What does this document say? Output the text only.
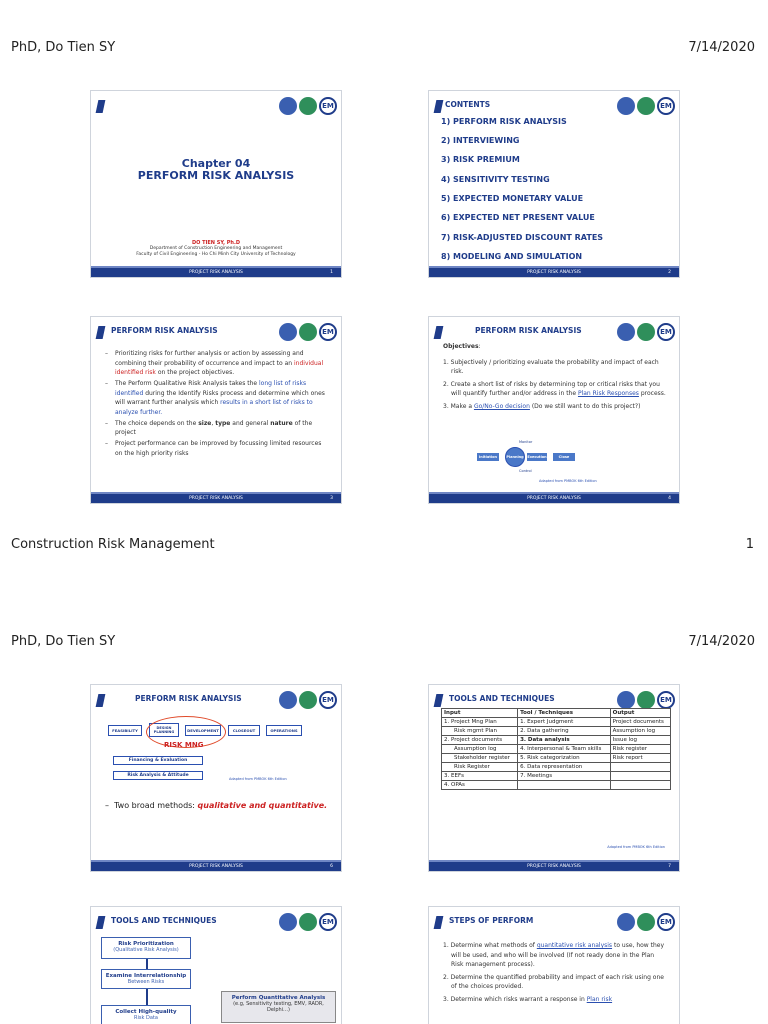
PhD, Do Tien SY	7/14/2020
EM
Chapter 04
PERFORM RISK ANALYSIS
DO TIEN SY, Ph.D
Department of Construction Engineering and Management
Faculty of Civil Engineering - Ho Chi Minh City University of Technology
PROJECT RISK ANALYSIS	1
CONTENTS	EM
1) PERFORM RISK ANALYSIS
2) INTERVIEWING
3) RISK PREMIUM
4) SENSITIVITY TESTING
5) EXPECTED MONETARY VALUE
6) EXPECTED NET PRESENT VALUE
7) RISK-ADJUSTED DISCOUNT RATES
8) MODELING AND SIMULATION
PROJECT RISK ANALYSIS	2
PERFORM RISK ANALYSIS	EM
– Prioritizing risks for further analysis or action by assessing and combining their probability of occurrence and impact to an individual identified risk on the project objectives.
– The Perform Qualitative Risk Analysis takes the long list of risks identified during the Identify Risks process and determine which ones will warrant further analysis which results in a short list of risks to analyze further.
– The choice depends on the size, type and general nature of the project
– Project performance can be improved by focussing limited resources on the high priority risks
PROJECT RISK ANALYSIS	3
PERFORM RISK ANALYSIS	EM
Objectives:
1. Subjectively / prioritizing evaluate the probability and impact of each risk.
2. Create a short list of risks by determining top or critical risks that you will quantify further and/or address in the Plan Risk Responses process.
3. Make a Go/No-Go decision (Do we still want to do this project?)
Initiation	Planning	Execution	Close
Monitor
Control
Adapted from PMBOK 6th Edition
PROJECT RISK ANALYSIS	4
Construction Risk Management	1
PhD, Do Tien SY	7/14/2020
PERFORM RISK ANALYSIS	EM
FEASIBILITY	DESIGN PLANNING	DEVELOPMENT	CLOSEOUT	OPERATIONS
RISK MNG
Financing & Evaluation
Risk Analysis & Attitude
Adapted from PMBOK 6th Edition
–  Two broad methods: qualitative and quantitative.
PROJECT RISK ANALYSIS	6
TOOLS AND TECHNIQUES	EM
Input	Tool / Techniques	Output
1. Project Mng Plan	1. Expert Judgment	Project documents
Risk mgmt Plan	2. Data gathering	Assumption log
2. Project documents	3. Data analysis	Issue log
Assumption log	4. Interpersonal & Team skills	Risk register
Stakeholder register	5. Risk categorization	Risk report
Risk Register	6. Data representation	
3. EEFs	7. Meetings	
4. OPAs		
Adapted from PMBOK 6th Edition
PROJECT RISK ANALYSIS	7
TOOLS AND TECHNIQUES	EM
Risk Prioritization
(Qualitative Risk Analysis)
Examine Interrelationship
Between Risks
Collect High-quality
Risk Data
Perform Quantitative Analysis
(e.g, Sensitivity testing, EMV, RADR, Delphi…)
STEPS OF PERFORM	EM
1. Determine what methods of quantitative risk analysis to use, how they will be used, and who will be involved (If not ready done in the Plan Risk management process).
2. Determine the quantified probability and impact of each risk using one of the choices provided.
3. Determine which risks warrant a response in Plan risk
